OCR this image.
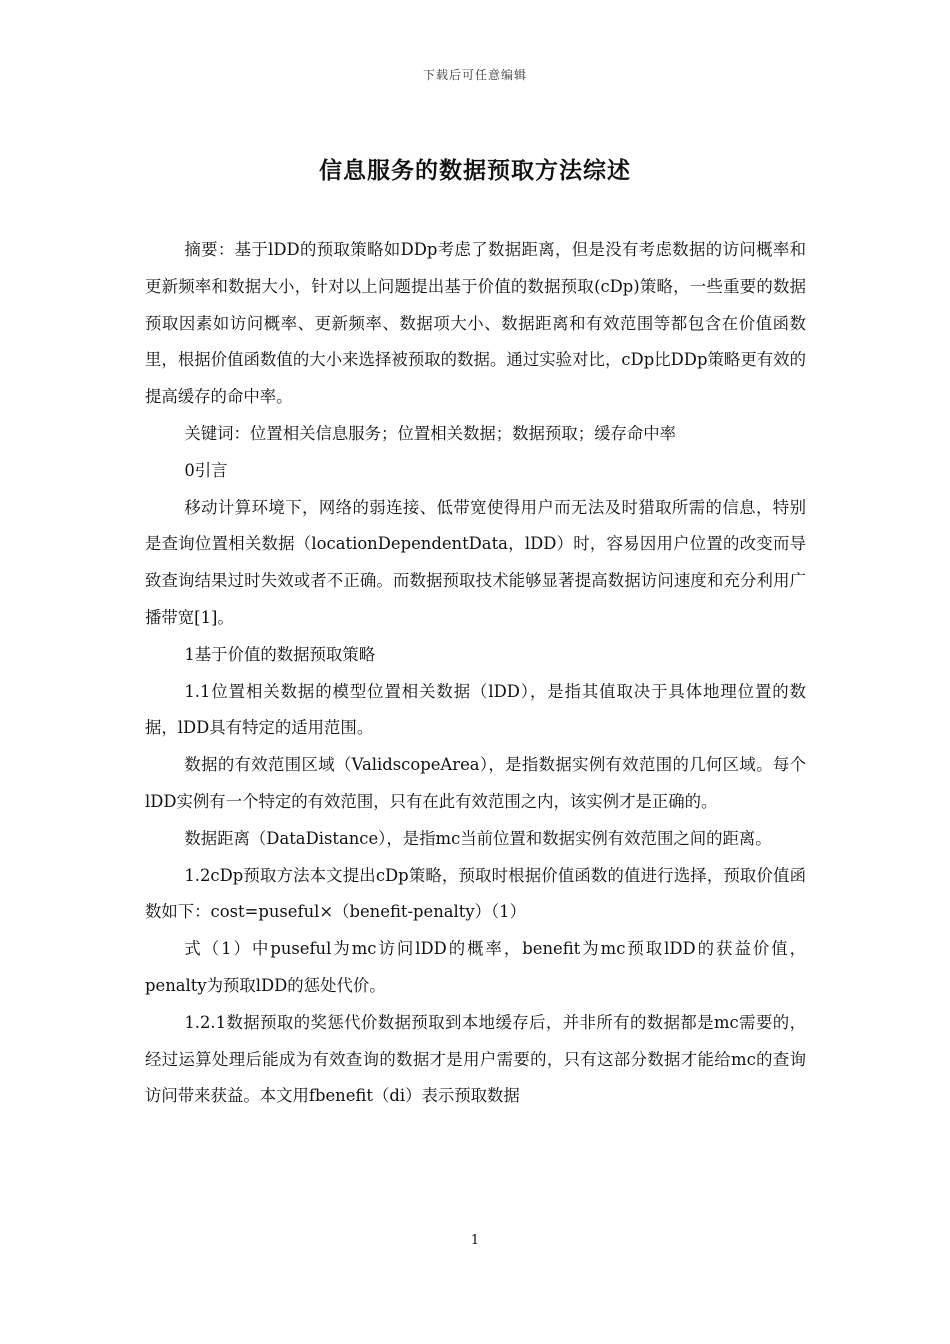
下载后可任意编辑
信息服务的数据预取方法综述

摘要：基于lDD的预取策略如DDp考虑了数据距离，但是没有考虑数据的访问概率和更新频率和数据大小，针对以上问题提出基于价值的数据预取(cDp)策略，一些重要的数据预取因素如访问概率、更新频率、数据项大小、数据距离和有效范围等都包含在价值函数里，根据价值函数值的大小来选择被预取的数据。通过实验对比，cDp比DDp策略更有效的提高缓存的命中率。

关键词：位置相关信息服务；位置相关数据；数据预取；缓存命中率

0引言

移动计算环境下，网络的弱连接、低带宽使得用户而无法及时猎取所需的信息，特别是查询位置相关数据（locationDependentData，lDD）时，容易因用户位置的改变而导致查询结果过时失效或者不正确。而数据预取技术能够显著提高数据访问速度和充分利用广播带宽[1]。

1基于价值的数据预取策略

1.1位置相关数据的模型位置相关数据（lDD），是指其值取决于具体地理位置的数据，lDD具有特定的适用范围。

数据的有效范围区域（ValidscopeArea），是指数据实例有效范围的几何区域。每个lDD实例有一个特定的有效范围，只有在此有效范围之内，该实例才是正确的。

数据距离（DataDistance），是指mc当前位置和数据实例有效范围之间的距离。

1.2cDp预取方法本文提出cDp策略，预取时根据价值函数的值进行选择，预取价值函数如下：cost=puseful×（benefit-penalty）（1）

式（1）中puseful为mc访问lDD的概率，benefit为mc预取lDD的获益价值，penalty为预取lDD的惩处代价。

1.2.1数据预取的奖惩代价数据预取到本地缓存后，并非所有的数据都是mc需要的，经过运算处理后能成为有效查询的数据才是用户需要的，只有这部分数据才能给mc的查询访问带来获益。本文用fbenefit（di）表示预取数据

1
